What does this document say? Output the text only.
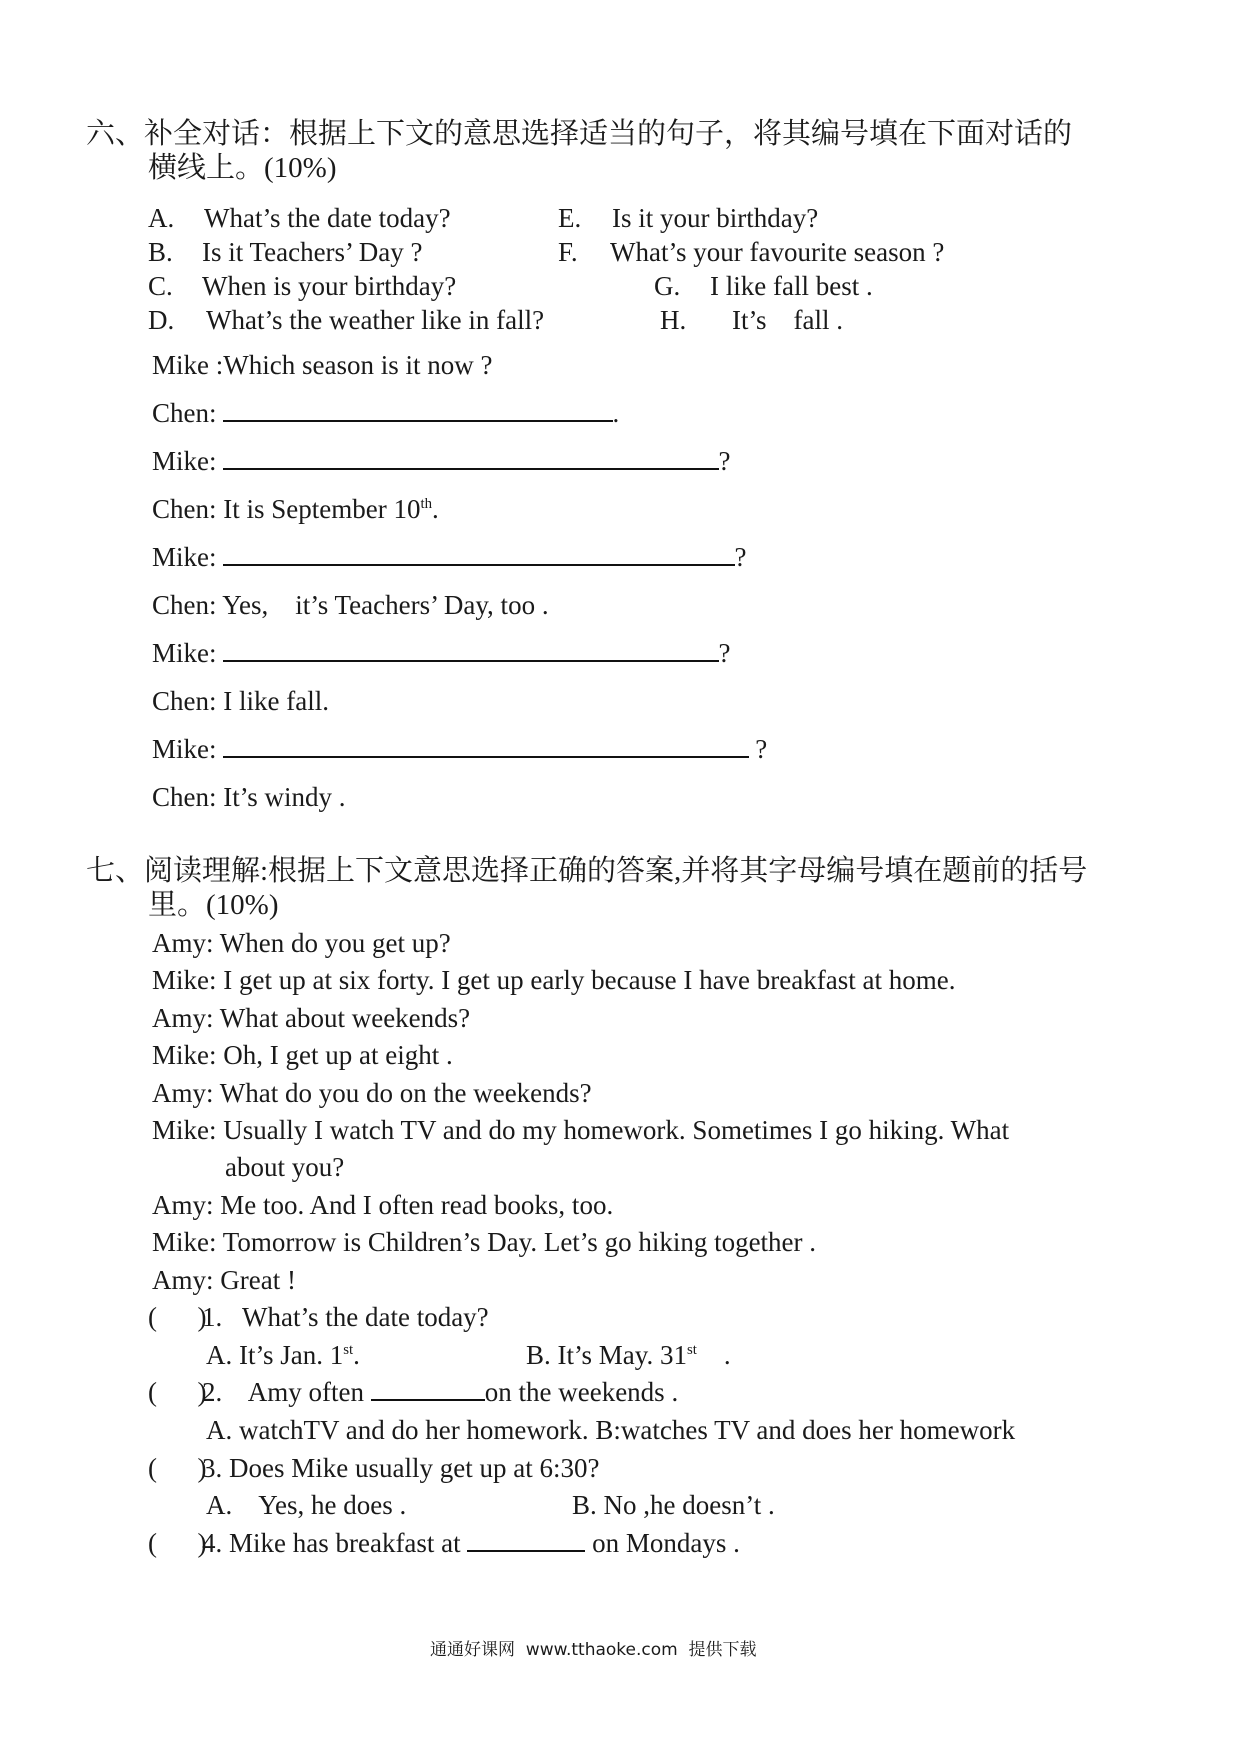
六、补全对话：根据上下文的意思选择适当的句子，将其编号填在下面对话的
横线上。(10%)
A. What’s the date today?	E. Is it your birthday?
B. Is it Teachers’ Day ?	F. What’s your favourite season ?
C. When is your birthday?	G. I like fall best .
D. What’s the weather like in fall?	H. It’s    fall .
Mike :Which season is it now ?
Chen:	.
Mike:	?
Chen: It is September 10th.
Mike:	?
Chen: Yes,    it’s Teachers’ Day, too .
Mike:	?
Chen: I like fall.
Mike:	?
Chen: It’s windy .
七、阅读理解:根据上下文意思选择正确的答案,并将其字母编号填在题前的括号
里。(10%)
Amy: When do you get up?
Mike: I get up at six forty. I get up early because I have breakfast at home.
Amy: What about weekends?
Mike: Oh, I get up at eight .
Amy: What do you do on the weekends?
Mike: Usually I watch TV and do my homework. Sometimes I go hiking. What
about you?
Amy: Me too. And I often read books, too.
Mike: Tomorrow is Children’s Day. Let’s go hiking together .
Amy: Great !
(      )
1.   What’s the date today?
A. It’s Jan. 1st.	B. It’s May. 31st    .
(      )
2.    Amy often	on the weekends .
A. watchTV and do her homework. B:watches TV and does her homework
(      )
3. Does Mike usually get up at 6:30?
A.    Yes, he does .	B. No ,he doesn’t .
(      )
4. Mike has breakfast at	on Mondays .
通通好课网  www.tthaoke.com  提供下载
